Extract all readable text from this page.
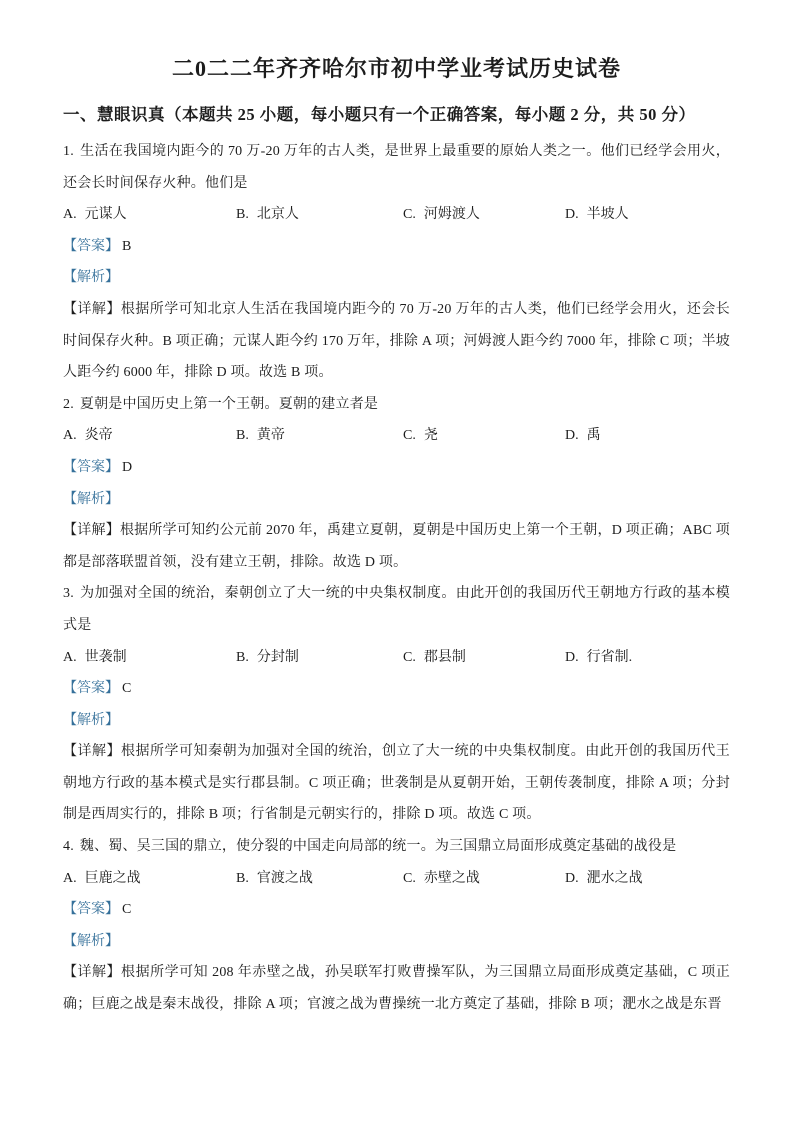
二0二二年齐齐哈尔市初中学业考试历史试卷
一、慧眼识真（本题共 25 小题，每小题只有一个正确答案，每小题 2 分，共 50 分）

1. 生活在我国境内距今的 70 万-20 万年的古人类，是世界上最重要的原始人类之一。他们已经学会用火，还会长时间保存火种。他们是

A. 元谋人	B. 北京人	C. 河姆渡人	D. 半坡人

【答案】 B

【解析】

【详解】根据所学可知北京人生活在我国境内距今的 70 万-20 万年的古人类，他们已经学会用火，还会长时间保存火种。B 项正确；元谋人距今约 170 万年，排除 A 项；河姆渡人距今约 7000 年，排除 C 项；半坡人距今约 6000 年，排除 D 项。故选 B 项。

2. 夏朝是中国历史上第一个王朝。夏朝的建立者是

A. 炎帝	B. 黄帝	C. 尧	D. 禹

【答案】 D

【解析】

【详解】根据所学可知约公元前 2070 年，禹建立夏朝，夏朝是中国历史上第一个王朝，D 项正确；ABC 项都是部落联盟首领，没有建立王朝，排除。故选 D 项。

3. 为加强对全国的统治，秦朝创立了大一统的中央集权制度。由此开创的我国历代王朝地方行政的基本模式是

A. 世袭制	B. 分封制	C. 郡县制	D. 行省制.

【答案】 C

【解析】

【详解】根据所学可知秦朝为加强对全国的统治，创立了大一统的中央集权制度。由此开创的我国历代王朝地方行政的基本模式是实行郡县制。C 项正确；世袭制是从夏朝开始，王朝传袭制度，排除 A 项；分封制是西周实行的，排除 B 项；行省制是元朝实行的，排除 D 项。故选 C 项。

4. 魏、蜀、吴三国的鼎立，使分裂的中国走向局部的统一。为三国鼎立局面形成奠定基础的战役是

A. 巨鹿之战	B. 官渡之战	C. 赤壁之战	D. 淝水之战

【答案】 C

【解析】

【详解】根据所学可知 208 年赤壁之战，孙吴联军打败曹操军队，为三国鼎立局面形成奠定基础，C 项正确；巨鹿之战是秦末战役，排除 A 项；官渡之战为曹操统一北方奠定了基础，排除 B 项；淝水之战是东晋
